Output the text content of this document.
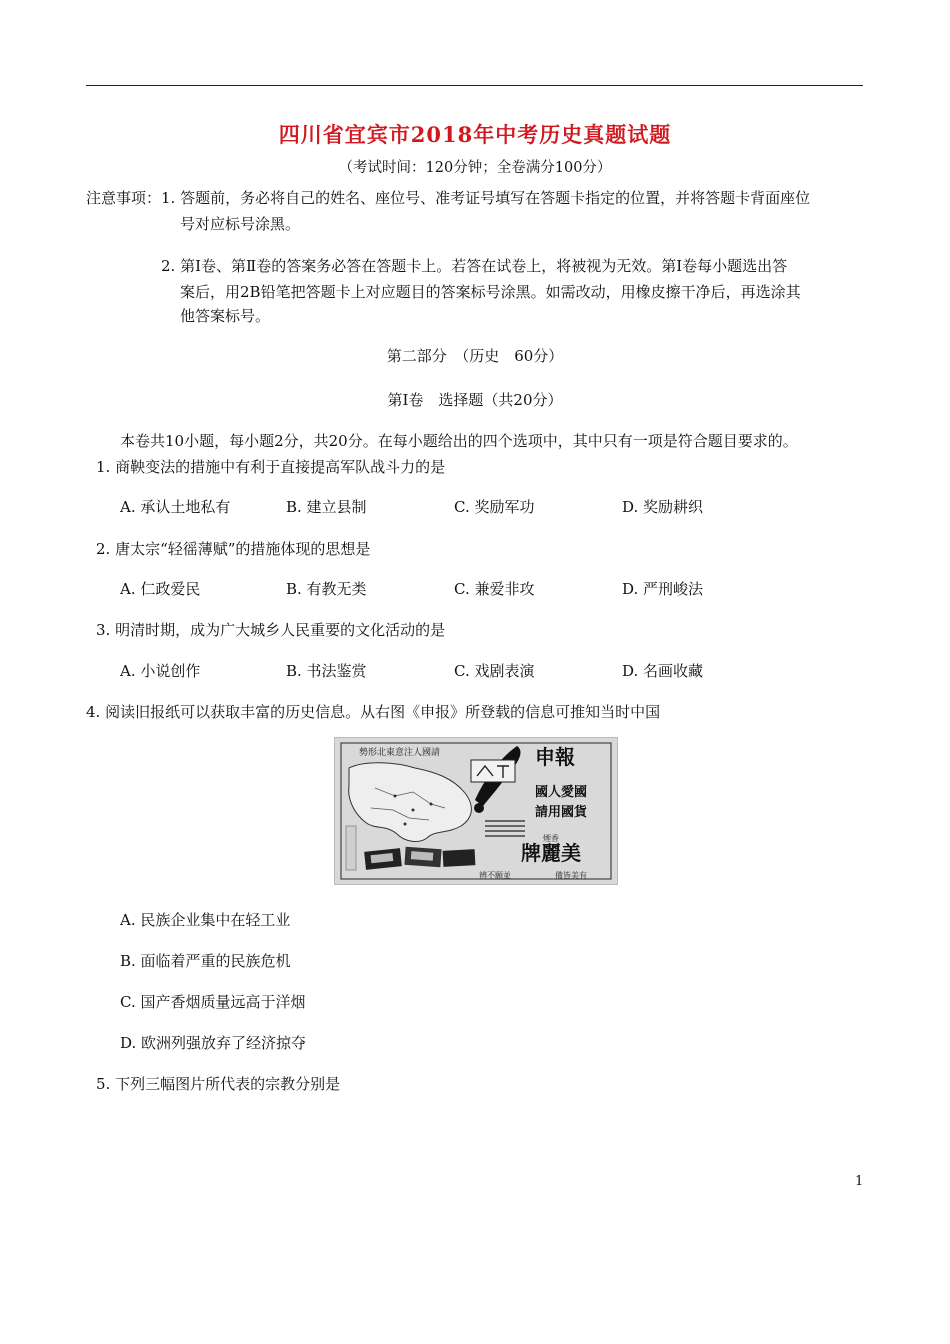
四川省宜宾市2018年中考历史真题试题
（考试时间：120分钟；全卷满分100分）
注意事项： 1. 答题前，务必将自己的姓名、座位号、准考证号填写在答题卡指定的位置，并将答题卡背面座位
号对应标号涂黑。
2. 第Ⅰ卷、第Ⅱ卷的答案务必答在答题卡上。若答在试卷上，将被视为无效。第Ⅰ卷每小题选出答
案后，用2B铅笔把答题卡上对应题目的答案标号涂黑。如需改动，用橡皮擦干净后，再选涂其
他答案标号。
第二部分　（历史　60分）
第Ⅰ卷　选择题（共20分）
本卷共10小题，每小题2分，共20分。在每小题给出的四个选项中，其中只有一项是符合题目要求的。
1. 商鞅变法的措施中有利于直接提高军队战斗力的是
A. 承认土地私有	B. 建立县制	C. 奖励军功	D. 奖励耕织
2. 唐太宗“轻徭薄赋”的措施体现的思想是
A. 仁政爱民	B. 有教无类	C. 兼爱非攻	D. 严刑峻法
3. 明清时期，成为广大城乡人民重要的文化活动的是
A. 小说创作	B. 书法鉴赏	C. 戏剧表演	D. 名画收藏
4. 阅读旧报纸可以获取丰富的历史信息。从右图《申报》所登载的信息可推知当时中国
勢形北東意注人國請	申報
國人愛國
請用國貨
牌麗美
煙香
辨不願並	備皆美有
A. 民族企业集中在轻工业
B. 面临着严重的民族危机
C. 国产香烟质量远高于洋烟
D. 欧洲列强放弃了经济掠夺
5. 下列三幅图片所代表的宗教分别是
1
